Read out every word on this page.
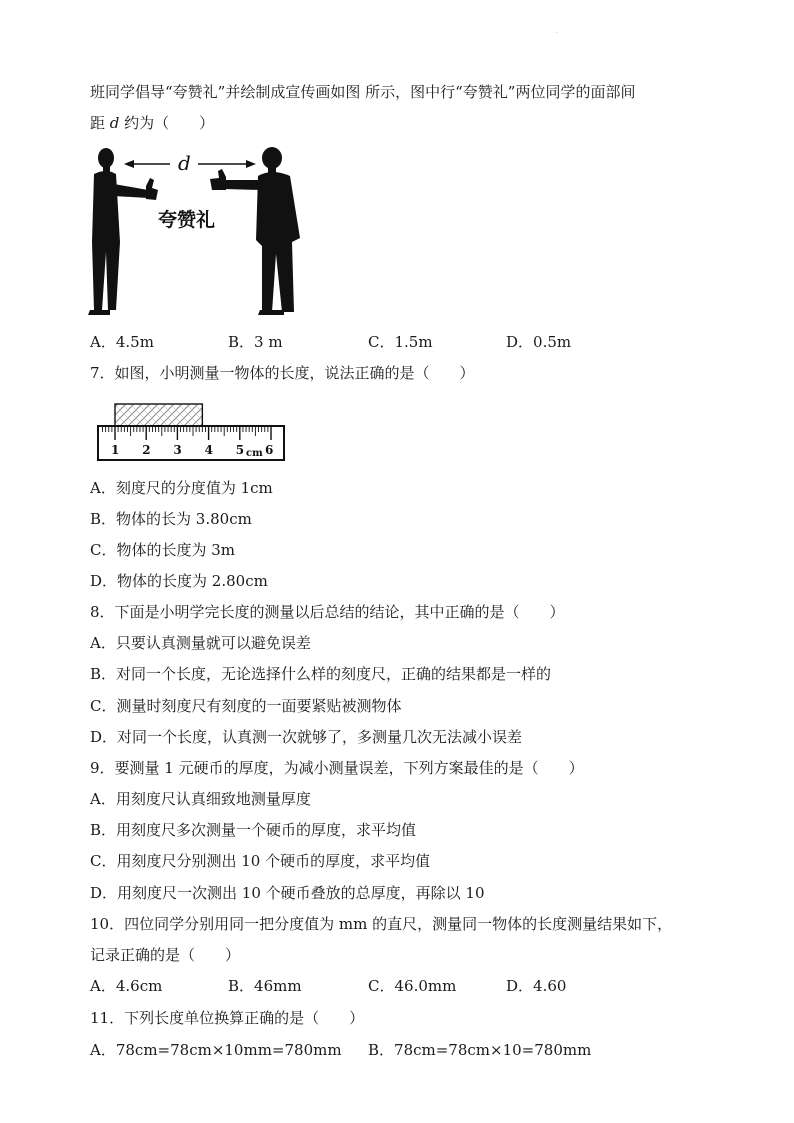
·
班同学倡导“夸赞礼”并绘制成宣传画如图 所示，图中行“夸赞礼”两位同学的面部间
距 d 约为（　　）
d
夸赞礼
A．4.5m	B．3 m	C．1.5m	D．0.5m
7．如图，小明测量一物体的长度，说法正确的是（　　）
1 2 3 4 5 6
cm
A．刻度尺的分度值为 1cm
B．物体的长为 3.80cm
C．物体的长度为 3m
D．物体的长度为 2.80cm
8．下面是小明学完长度的测量以后总结的结论，其中正确的是（　　）
A．只要认真测量就可以避免误差
B．对同一个长度，无论选择什么样的刻度尺，正确的结果都是一样的
C．测量时刻度尺有刻度的一面要紧贴被测物体
D．对同一个长度，认真测一次就够了，多测量几次无法减小误差
9．要测量 1 元硬币的厚度，为减小测量误差，下列方案最佳的是（　　）
A．用刻度尺认真细致地测量厚度
B．用刻度尺多次测量一个硬币的厚度，求平均值
C．用刻度尺分别测出 10 个硬币的厚度，求平均值
D．用刻度尺一次测出 10 个硬币叠放的总厚度，再除以 10
10．四位同学分别用同一把分度值为 mm 的直尺，测量同一物体的长度测量结果如下，
记录正确的是（　　）
A．4.6cm	B．46mm	C．46.0mm	D．4.60
11．下列长度单位换算正确的是（　　）
A．78cm=78cm×10mm=780mm B．78cm=78cm×10=780mm
